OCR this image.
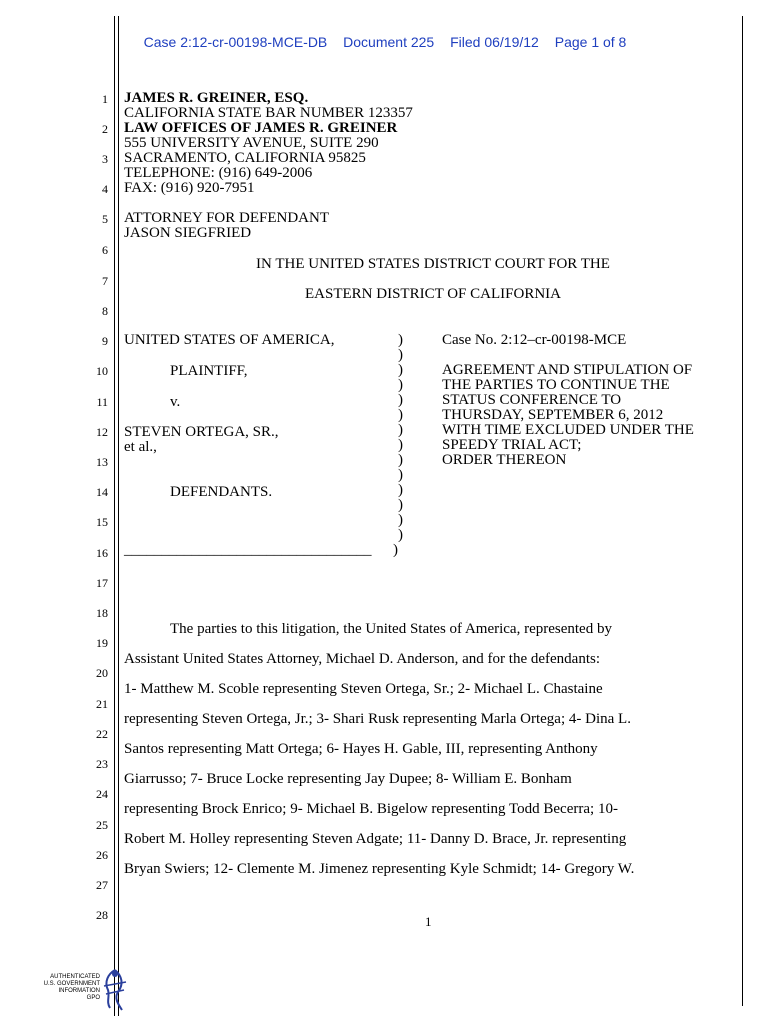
Case 2:12-cr-00198-MCE-DB Document 225 Filed 06/19/12 Page 1 of 8
1
2
3
4
5
6
7
8
9
10
11
12
13
14
15
16
17
18
19
20
21
22
23
24
25
26
27
28
JAMES R. GREINER, ESQ.
CALIFORNIA STATE BAR NUMBER 123357
LAW OFFICES OF JAMES R. GREINER
555 UNIVERSITY AVENUE, SUITE 290
SACRAMENTO, CALIFORNIA 95825
TELEPHONE: (916) 649-2006
FAX: (916) 920-7951
ATTORNEY FOR DEFENDANT
JASON SIEGFRIED
IN THE UNITED STATES DISTRICT COURT FOR THE
EASTERN DISTRICT OF CALIFORNIA
UNITED STATES OF AMERICA,
PLAINTIFF,
v.
STEVEN ORTEGA, SR.,
et al.,
DEFENDANTS.
_________________________________
)
)
)
)
)
)
)
)
)
)
)
)
)
)
)
Case No. 2:12–cr-00198-MCE
AGREEMENT AND STIPULATION OF
THE PARTIES TO CONTINUE THE
STATUS CONFERENCE TO
THURSDAY, SEPTEMBER 6, 2012
WITH TIME EXCLUDED UNDER THE
SPEEDY TRIAL ACT;
ORDER THEREON
The parties to this litigation, the United States of America, represented by
Assistant United States Attorney, Michael D. Anderson, and for the defendants:
1- Matthew M. Scoble representing Steven Ortega, Sr.; 2- Michael L. Chastaine
representing Steven Ortega, Jr.; 3- Shari Rusk representing Marla Ortega; 4- Dina L.
Santos representing Matt Ortega; 6- Hayes H. Gable, III, representing Anthony
Giarrusso; 7- Bruce Locke representing Jay Dupee; 8- William E. Bonham
representing Brock Enrico; 9- Michael B. Bigelow representing Todd Becerra; 10-
Robert M. Holley representing Steven Adgate; 11- Danny D. Brace, Jr. representing
Bryan Swiers; 12- Clemente M. Jimenez representing Kyle Schmidt; 14- Gregory W.
1
AUTHENTICATED
U.S. GOVERNMENT
INFORMATION
GPO
